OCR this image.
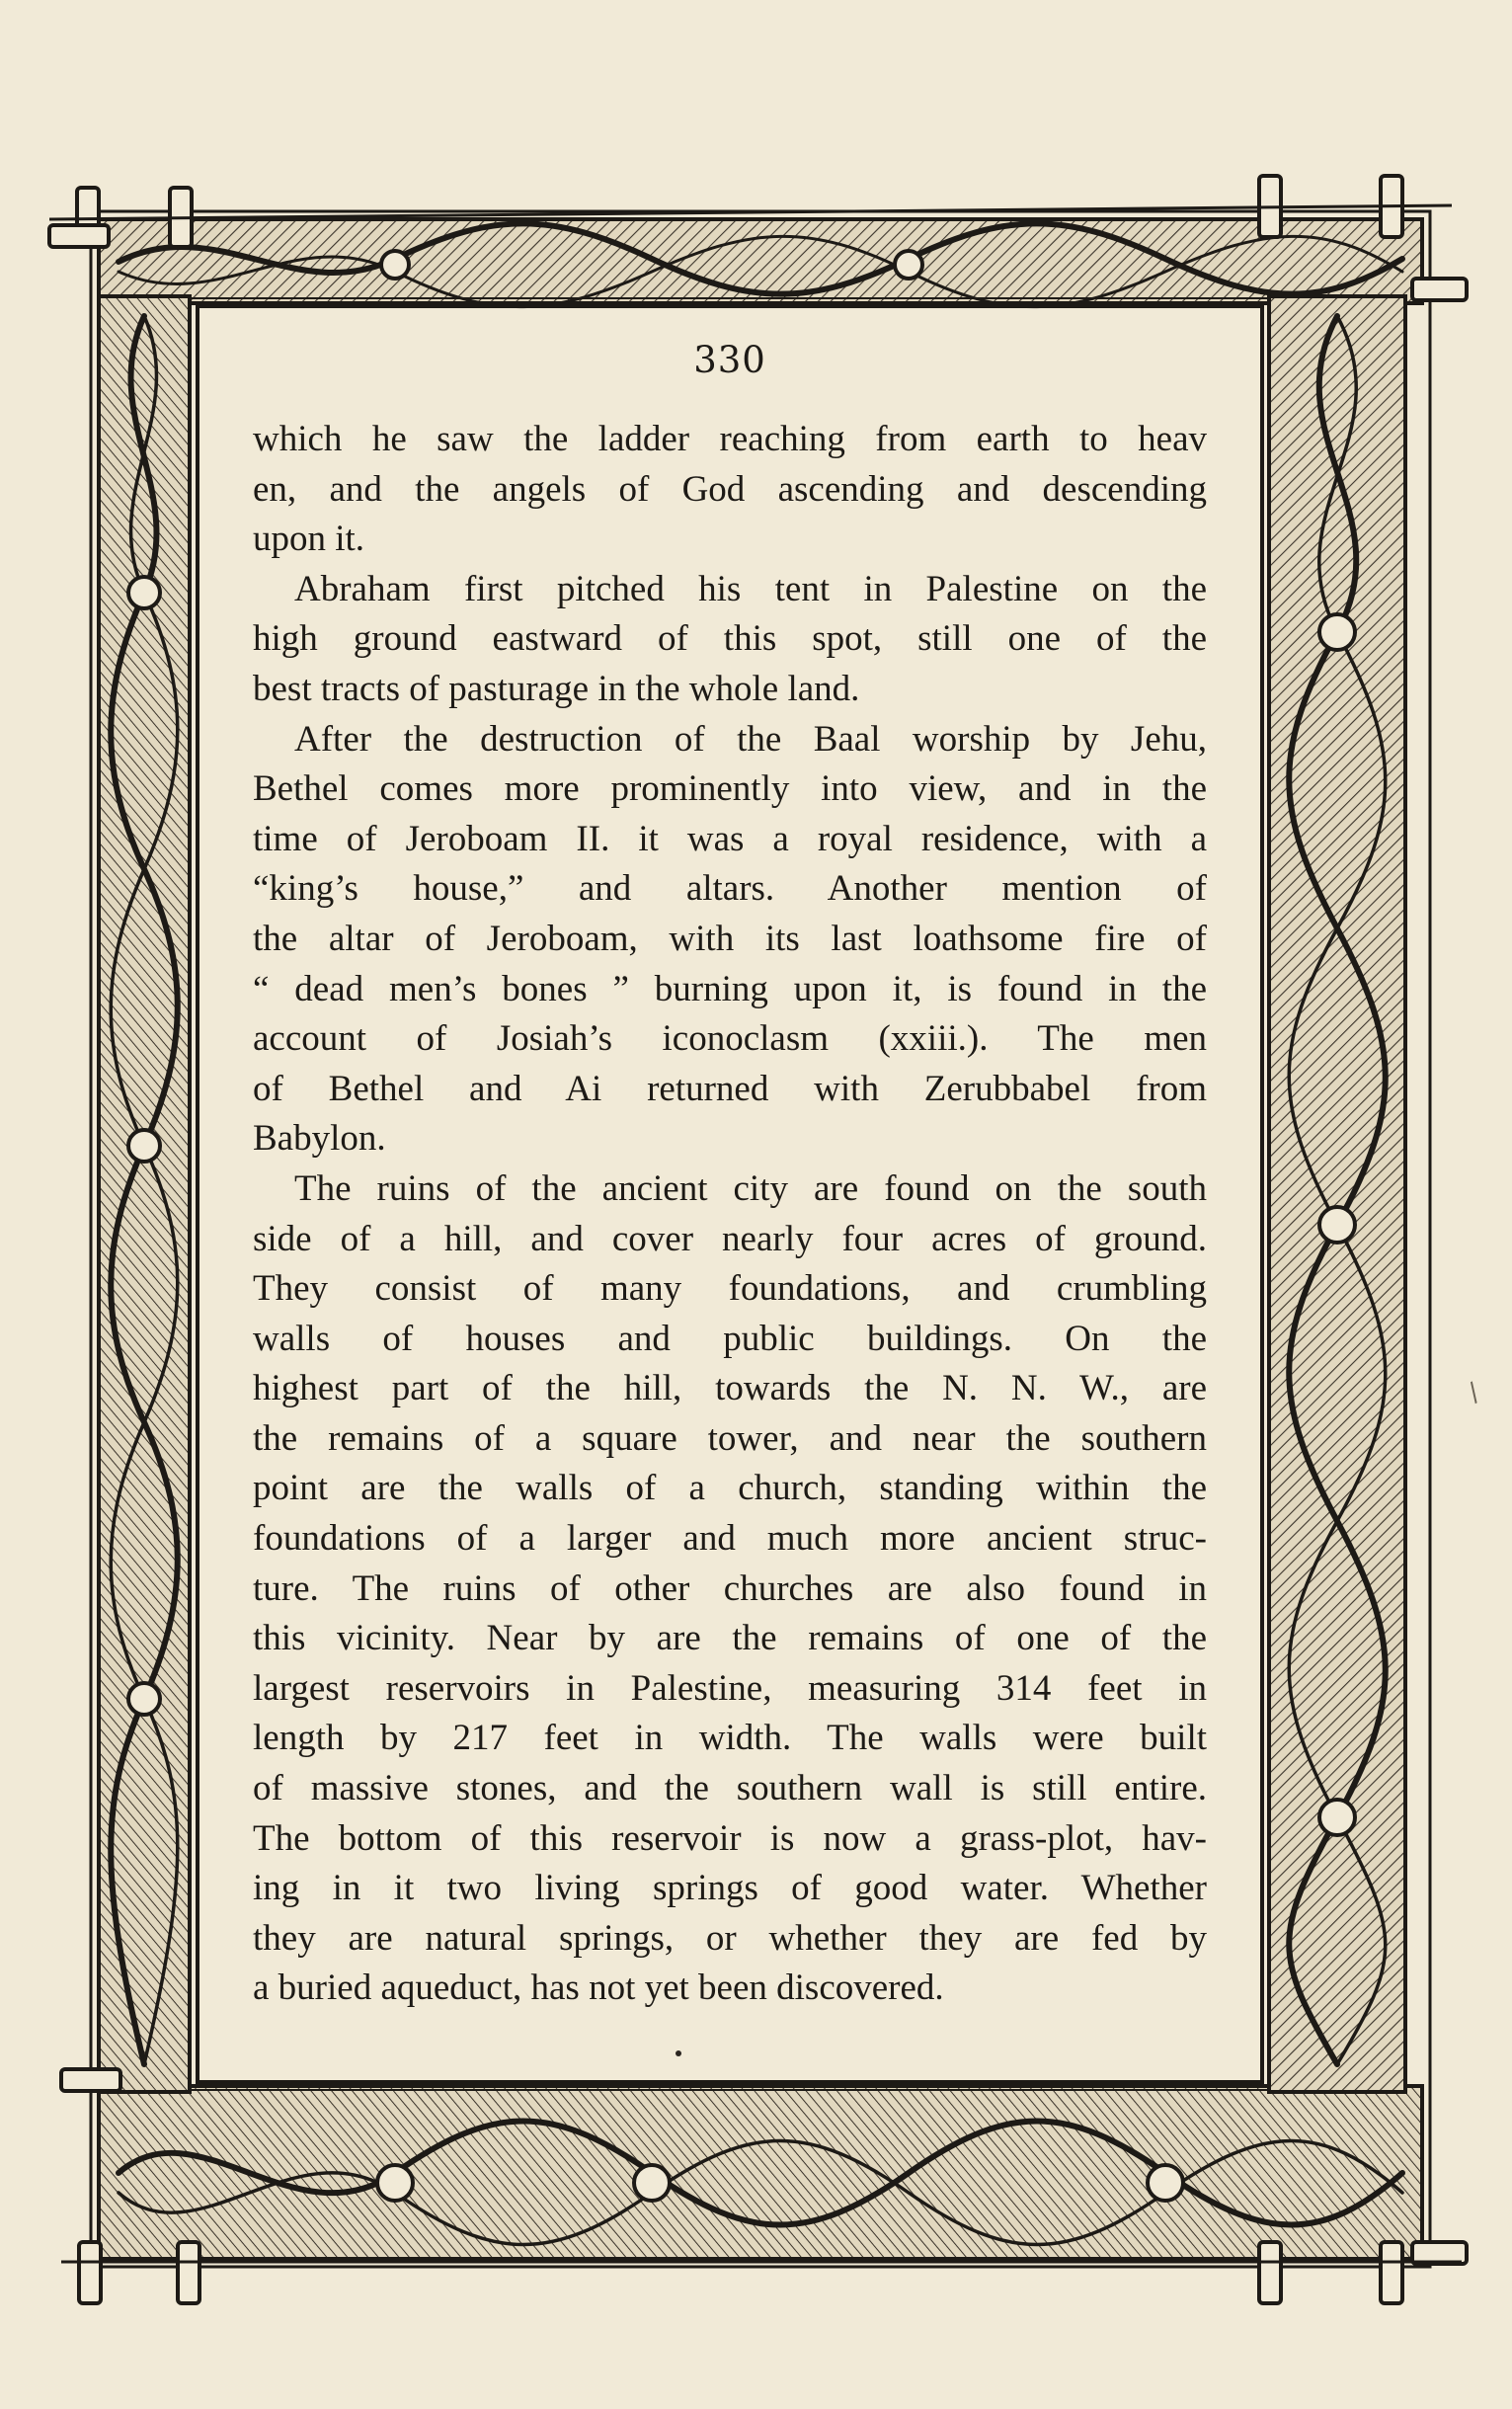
330
which he saw the ladder reaching from earth to heav
en, and the angels of God ascending and descending
upon it.
Abraham first pitched his tent in Palestine on the
high ground eastward of this spot, still one of the
best tracts of pasturage in the whole land.
After the destruction of the Baal worship by Jehu,
Bethel comes more prominently into view, and in the
time of Jeroboam II. it was a royal residence, with a
“king’s house,” and altars. Another mention of
the altar of Jeroboam, with its last loathsome fire of
“ dead men’s bones ” burning upon it, is found in the
account of Josiah’s iconoclasm (xxiii.). The men
of Bethel and Ai returned with Zerubbabel from
Babylon.
The ruins of the ancient city are found on the south
side of a hill, and cover nearly four acres of ground.
They consist of many foundations, and crumbling
walls of houses and public buildings. On the
highest part of the hill, towards the N. N. W., are
the remains of a square tower, and near the southern
point are the walls of a church, standing within the
foundations of a larger and much more ancient struc-
ture. The ruins of other churches are also found in
this vicinity. Near by are the remains of one of the
largest reservoirs in Palestine, measuring 314 feet in
length by 217 feet in width. The walls were built
of massive stones, and the southern wall is still entire.
The bottom of this reservoir is now a grass-plot, hav-
ing in it two living springs of good water. Whether
they are natural springs, or whether they are fed by
a buried aqueduct, has not yet been discovered.
/
